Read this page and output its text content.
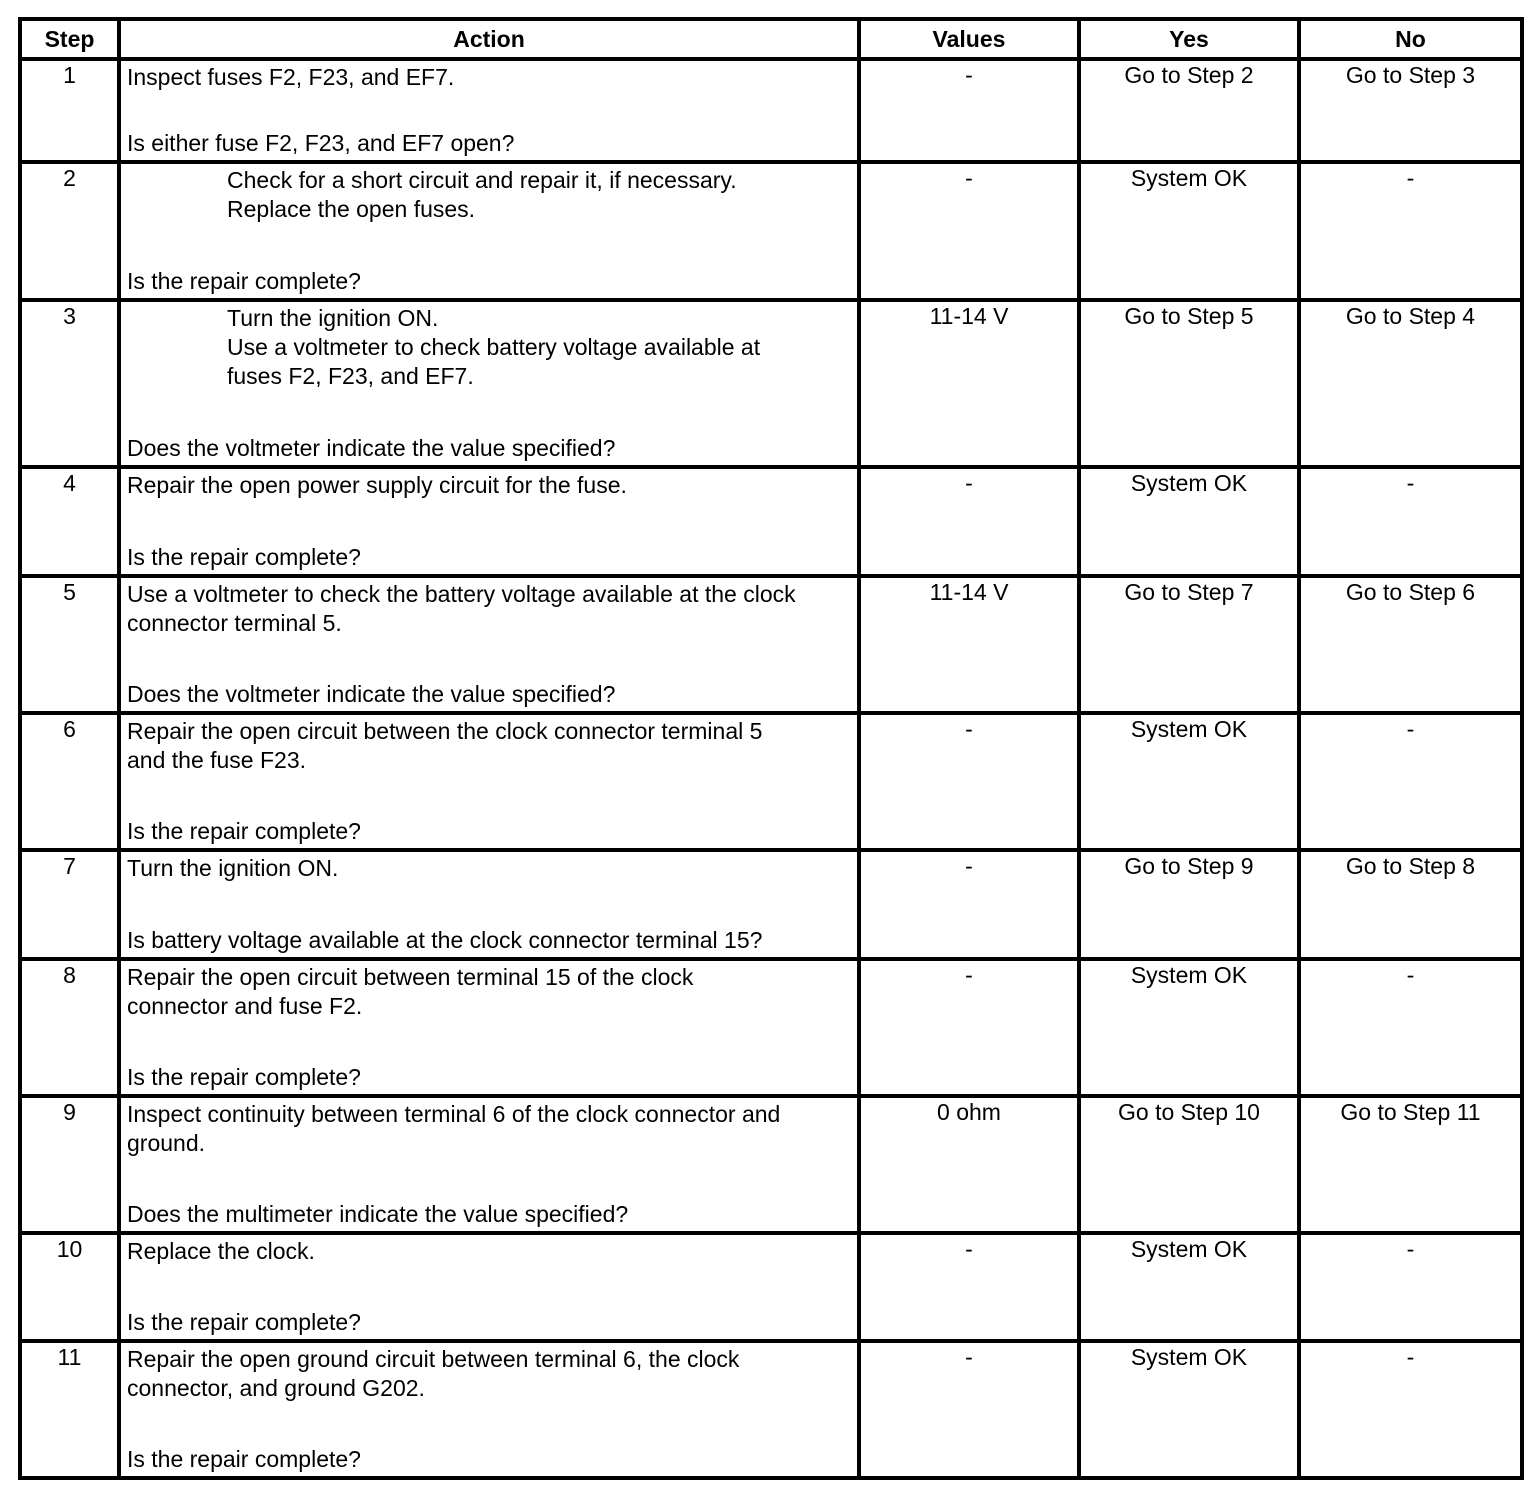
Step	Action	Values	Yes	No
1	Inspect fuses F2, F23, and EF7.
Is either fuse F2, F23, and EF7 open?	-	Go to Step 2	Go to Step 3
2	Check for a short circuit and repair it, if necessary.
Replace the open fuses.
Is the repair complete?	-	System OK	-
3	Turn the ignition ON.
Use a voltmeter to check battery voltage available at
fuses F2, F23, and EF7.
Does the voltmeter indicate the value specified?	11-14 V	Go to Step 5	Go to Step 4
4	Repair the open power supply circuit for the fuse.
Is the repair complete?	-	System OK	-
5	Use a voltmeter to check the battery voltage available at the clock
connector terminal 5.
Does the voltmeter indicate the value specified?	11-14 V	Go to Step 7	Go to Step 6
6	Repair the open circuit between the clock connector terminal 5
and the fuse F23.
Is the repair complete?	-	System OK	-
7	Turn the ignition ON.
Is battery voltage available at the clock connector terminal 15?	-	Go to Step 9	Go to Step 8
8	Repair the open circuit between terminal 15 of the clock
connector and fuse F2.
Is the repair complete?	-	System OK	-
9	Inspect continuity between terminal 6 of the clock connector and
ground.
Does the multimeter indicate the value specified?	0 ohm	Go to Step 10	Go to Step 11
10	Replace the clock.
Is the repair complete?	-	System OK	-
11	Repair the open ground circuit between terminal 6, the clock
connector, and ground G202.
Is the repair complete?	-	System OK	-
